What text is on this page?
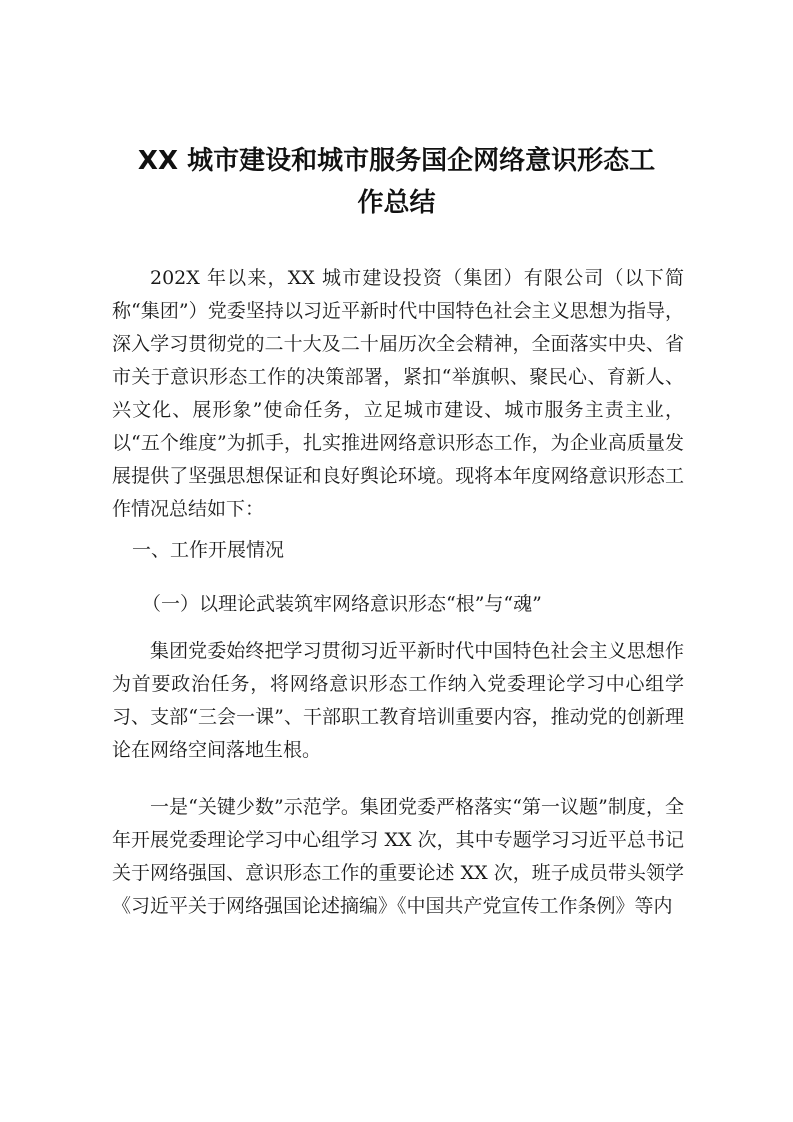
XX 城市建设和城市服务国企网络意识形态工
作总结

202X 年以来，XX 城市建设投资（集团）有限公司（以下简称“集团”）党委坚持以习近平新时代中国特色社会主义思想为指导，深入学习贯彻党的二十大及二十届历次全会精神，全面落实中央、省市关于意识形态工作的决策部署，紧扣“举旗帜、聚民心、育新人、兴文化、展形象”使命任务，立足城市建设、城市服务主责主业，以“五个维度”为抓手，扎实推进网络意识形态工作，为企业高质量发展提供了坚强思想保证和良好舆论环境。现将本年度网络意识形态工作情况总结如下：

一、工作开展情况

（一）以理论武装筑牢网络意识形态“根”与“魂”

集团党委始终把学习贯彻习近平新时代中国特色社会主义思想作为首要政治任务，将网络意识形态工作纳入党委理论学习中心组学习、支部“三会一课”、干部职工教育培训重要内容，推动党的创新理论在网络空间落地生根。

一是“关键少数”示范学。集团党委严格落实“第一议题”制度，全年开展党委理论学习中心组学习 XX 次，其中专题学习习近平总书记关于网络强国、意识形态工作的重要论述 XX 次，班子成员带头领学《习近平关于网络强国论述摘编》《中国共产党宣传工作条例》等内
